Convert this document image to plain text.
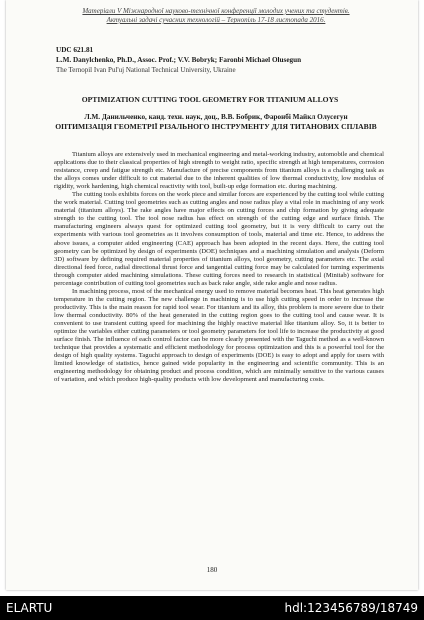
Матеріали V Міжнародної науково-технічної конференції молодих учених та студентів.
Актуальні задачі сучасних технологій – Тернопіль 17-18 листопада 2016.
UDC 621.81
L.M. Danylchenko, Ph.D., Assoc. Prof.; V.V. Bobryk; Faronbi Michael Olusegun
The Ternopil Ivan Pul'uj National Technical University, Ukraine
OPTIMIZATION CUTTING TOOL GEOMETRY FOR TITANIUM ALLOYS
Л.М. Данильченко, канд. техн. наук, доц., В.В. Бобрик, Фаронбі Майкл Олусегун
ОПТИМІЗАЦІЯ ГЕОМЕТРІЇ РІЗАЛЬНОГО ІНСТРУМЕНТУ ДЛЯ ТИТАНОВИХ СПЛАВІВ

Titanium alloys are extensively used in mechanical engineering and metal-working industry, automobile and chemical applications due to their classical properties of high strength to weight ratio, specific strength at high temperatures, corrosion resistance, creep and fatigue strength etc. Manufacture of precise components from titanium alloys is a challenging task as the alloys comes under difficult to cut material due to the inherent qualities of low thermal conductivity, low modulus of rigidity, work hardening, high chemical reactivity with tool, built-up edge formation etc. during machining.

The cutting tools exhibits forces on the work piece and similar forces are experienced by the cutting tool while cutting the work material. Cutting tool geometries such as cutting angles and nose radius play a vital role in machining of any work material (titanium alloys). The rake angles have major effects on cutting forces and chip formation by giving adequate strength to the cutting tool. The tool nose radius has effect on strength of the cutting edge and surface finish. The manufacturing engineers always quest for optimized cutting tool geometry, but it is very difficult to carry out the experiments with various tool geometries as it involves consumption of tools, material and time etc. Hence, to address the above issues, a computer aided engineering (CAE) approach has been adopted in the recent days. Here, the cutting tool geometry can be optimized by design of experiments (DOE) techniques and a machining simulation and analysis (Deform 3D) software by defining required material properties of titanium alloys, tool geometry, cutting parameters etc. The axial directional feed force, radial directional thrust force and tangential cutting force may be calculated for turning experiments through computer aided machining simulations. These cutting forces need to research in statistical (Minitab) software for percentage contribution of cutting tool geometries such as back rake angle, side rake angle and nose radius.

In machining process, most of the mechanical energy used to remove material becomes heat. This heat generates high temperature in the cutting region. The new challenge in machining is to use high cutting speed in order to increase the productivity. This is the main reason for rapid tool wear. For titanium and its alloy, this problem is more severe due to their low thermal conductivity. 80% of the heat generated in the cutting region goes to the cutting tool and cause wear. It is convenient to use transient cutting speed for machining the highly reactive material like titanium alloy. So, it is better to optimize the variables either cutting parameters or tool geometry parameters for tool life to increase the productivity at good surface finish. The influence of each control factor can be more clearly presented with the Taguchi method as a well-known technique that provides a systematic and efficient methodology for process optimization and this is a powerful tool for the design of high quality systems. Taguchi approach to design of experiments (DOE) is easy to adopt and apply for users with limited knowledge of statistics, hence gained wide popularity in the engineering and scientific community. This is an engineering methodology for obtaining product and process condition, which are minimally sensitive to the various causes of variation, and which produce high-quality products with low development and manufacturing costs.

180
ELARTU	hdl:123456789/18749
